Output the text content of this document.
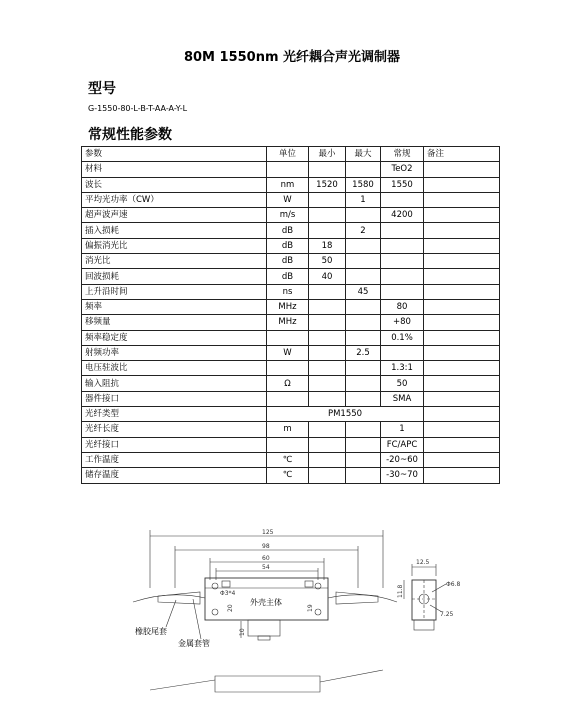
80M 1550nm 光纤耦合声光调制器
型号
G-1550-80-L-B-T-AA-A-Y-L
常规性能参数
参数	单位	最小	最大	常规	备注
材料				TeO2	
波长	nm	1520	1580	1550	
平均光功率（CW）	W		1		
超声波声速	m/s			4200	
插入损耗	dB		2		
偏振消光比	dB	18			
消光比	dB	50			
回波损耗	dB	40			
上升沿时间	ns		45		
频率	MHz			80	
移频量	MHz			+80	
频率稳定度				0.1%	
射频功率	W		2.5		
电压驻波比				1.3:1	
输入阻抗	Ω			50	
器件接口				SMA	
光纤类型	PM1550				
光纤长度	m			1	
光纤接口				FC/APC	
工作温度	℃			-20~60	
储存温度	℃			-30~70	
125
98
60
54
Φ3*4
20	19
10
12.5
Φ6.8
11.8
7.25
外壳主体
橡胶尾套
金属套管
